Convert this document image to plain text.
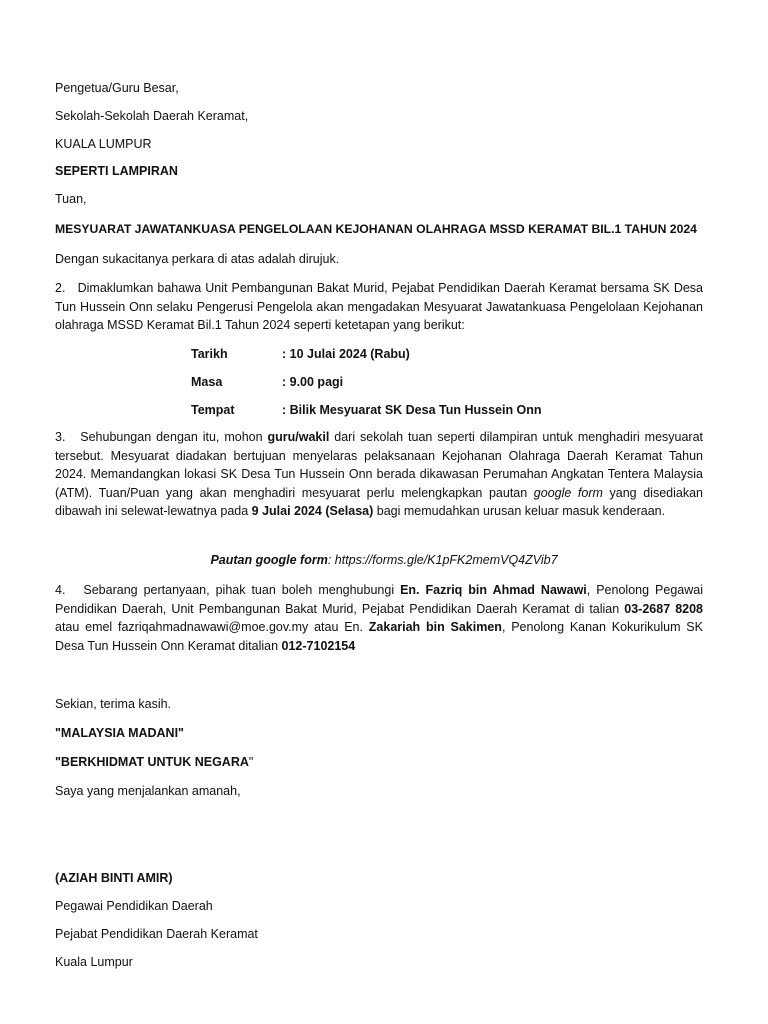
Pengetua/Guru Besar,
Sekolah-Sekolah Daerah Keramat,
KUALA LUMPUR
SEPERTI LAMPIRAN
Tuan,
MESYUARAT JAWATANKUASA PENGELOLAAN KEJOHANAN OLAHRAGA MSSD KERAMAT BIL.1 TAHUN 2024
Dengan sukacitanya perkara di atas adalah dirujuk.
2. Dimaklumkan bahawa Unit Pembangunan Bakat Murid, Pejabat Pendidikan Daerah Keramat bersama SK Desa Tun Hussein Onn selaku Pengerusi Pengelola akan mengadakan Mesyuarat Jawatankuasa Pengelolaan Kejohanan olahraga MSSD Keramat Bil.1 Tahun 2024 seperti ketetapan yang berikut:
Tarikh	: 10 Julai 2024 (Rabu)
Masa	: 9.00 pagi
Tempat	: Bilik Mesyuarat SK Desa Tun Hussein Onn
3. Sehubungan dengan itu, mohon guru/wakil dari sekolah tuan seperti dilampiran untuk menghadiri mesyuarat tersebut. Mesyuarat diadakan bertujuan menyelaras pelaksanaan Kejohanan Olahraga Daerah Keramat Tahun 2024. Memandangkan lokasi SK Desa Tun Hussein Onn berada dikawasan Perumahan Angkatan Tentera Malaysia (ATM). Tuan/Puan yang akan menghadiri mesyuarat perlu melengkapkan pautan google form yang disediakan dibawah ini selewat-lewatnya pada 9 Julai 2024 (Selasa) bagi memudahkan urusan keluar masuk kenderaan.
Pautan google form: https://forms.gle/K1pFK2memVQ4ZVib7
4. Sebarang pertanyaan, pihak tuan boleh menghubungi En. Fazriq bin Ahmad Nawawi, Penolong Pegawai Pendidikan Daerah, Unit Pembangunan Bakat Murid, Pejabat Pendidikan Daerah Keramat di talian 03-2687 8208 atau emel fazriqahmadnawawi@moe.gov.my atau En. Zakariah bin Sakimen, Penolong Kanan Kokurikulum SK Desa Tun Hussein Onn Keramat ditalian 012-7102154
Sekian, terima kasih.
"MALAYSIA MADANI"
"BERKHIDMAT UNTUK NEGARA"
Saya yang menjalankan amanah,
(AZIAH BINTI AMIR)
Pegawai Pendidikan Daerah
Pejabat Pendidikan Daerah Keramat
Kuala Lumpur
